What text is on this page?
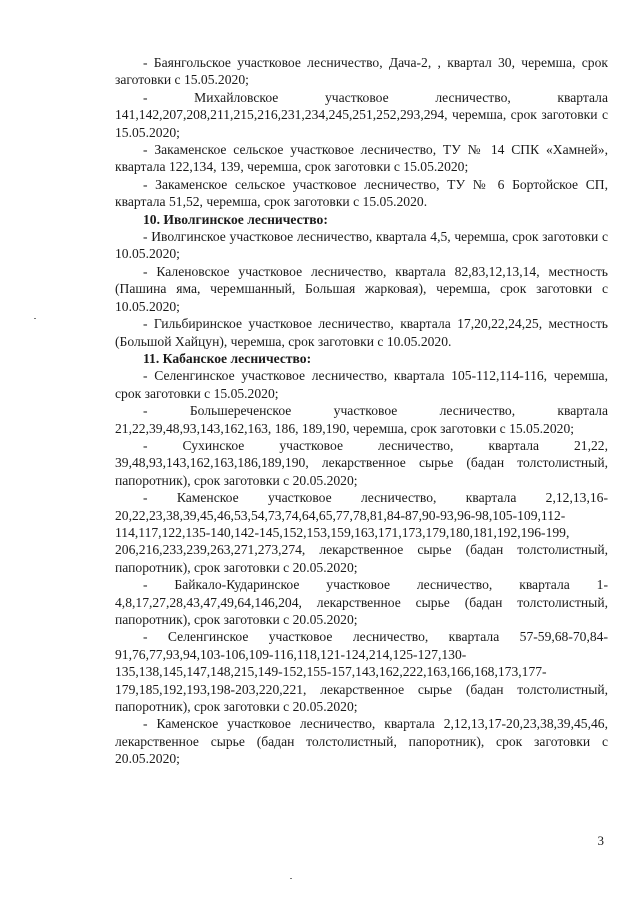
- Баянгольское участковое лесничество, Дача-2, , квартал 30, черемша, срок заготовки с 15.05.2020;

- Михайловское участковое лесничество, квартала 141,142,207,208,211,215,216,231,234,245,251,252,293,294, черемша, срок заготовки с 15.05.2020;

- Закаменское сельское участковое лесничество, ТУ № 14 СПК «Хамней», квартала 122,134, 139, черемша, срок заготовки с 15.05.2020;

- Закаменское сельское участковое лесничество, ТУ № 6 Бортойское СП, квартала 51,52, черемша, срок заготовки с 15.05.2020.

10. Иволгинское лесничество:

- Иволгинское участковое лесничество, квартала 4,5, черемша, срок заготовки с 10.05.2020;

- Каленовское участковое лесничество, квартала 82,83,12,13,14, местность (Пашина яма, черемшанный, Большая жарковая), черемша, срок заготовки с 10.05.2020;

- Гильбиринское участковое лесничество, квартала 17,20,22,24,25, местность (Большой Хайцун), черемша, срок заготовки с 10.05.2020.

11. Кабанское лесничество:

- Селенгинское участковое лесничество, квартала 105-112,114-116, черемша, срок заготовки с 15.05.2020;

- Большереченское участковое лесничество, квартала 21,22,39,48,93,143,162,163, 186, 189,190, черемша, срок заготовки с 15.05.2020;

- Сухинское участковое лесничество, квартала 21,22, 39,48,93,143,162,163,186,189,190, лекарственное сырье (бадан толстолистный, папоротник), срок заготовки с 20.05.2020;

- Каменское участковое лесничество, квартала 2,12,13,16-20,22,23,38,39,45,46,53,54,73,74,64,65,77,78,81,84-87,90-93,96-98,105-109,112-114,117,122,135-140,142-145,152,153,159,163,171,173,179,180,181,192,196-199, 206,216,233,239,263,271,273,274, лекарственное сырье (бадан толстолистный, папоротник), срок заготовки с 20.05.2020;

- Байкало-Кударинское участковое лесничество, квартала 1-4,8,17,27,28,43,47,49,64,146,204, лекарственное сырье (бадан толстолистный, папоротник), срок заготовки с 20.05.2020;

- Селенгинское участковое лесничество, квартала 57-59,68-70,84-91,76,77,93,94,103-106,109-116,118,121-124,214,125-127,130-135,138,145,147,148,215,149-152,155-157,143,162,222,163,166,168,173,177-179,185,192,193,198-203,220,221, лекарственное сырье (бадан толстолистный, папоротник), срок заготовки с 20.05.2020;

- Каменское участковое лесничество, квартала 2,12,13,17-20,23,38,39,45,46, лекарственное сырье (бадан толстолистный, папоротник), срок заготовки с 20.05.2020;

3
